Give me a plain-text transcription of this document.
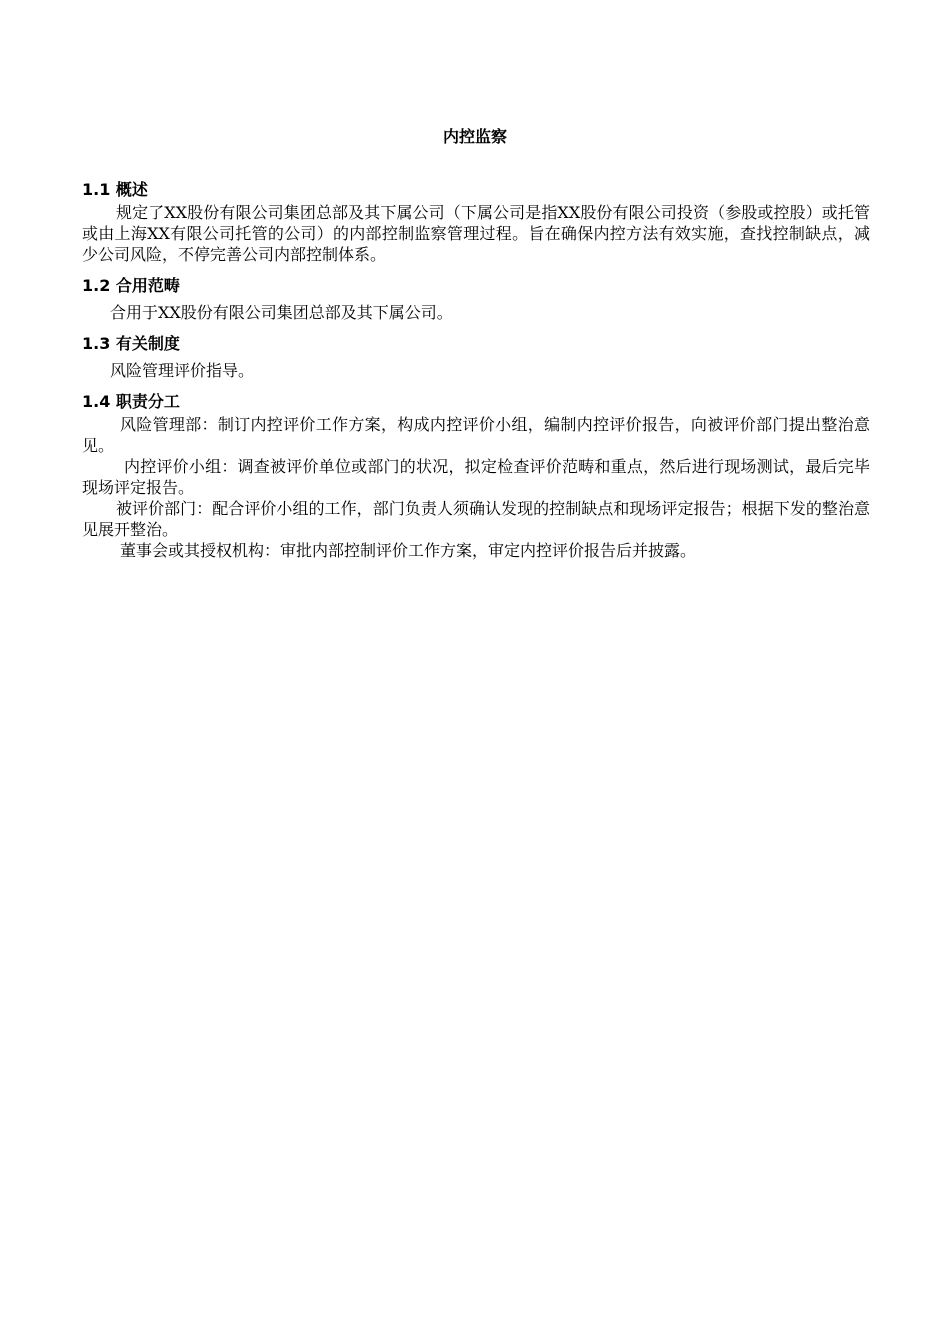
内控监察
1.1 概述

规定了XX股份有限公司集团总部及其下属公司（下属公司是指XX股份有限公司投资（参股或控股）或托管或由上海XX有限公司托管的公司）的内部控制监察管理过程。旨在确保内控方法有效实施，查找控制缺点，减少公司风险，不停完善公司内部控制体系。

1.2 合用范畴

合用于XX股份有限公司集团总部及其下属公司。

1.3 有关制度

风险管理评价指导。

1.4 职责分工

风险管理部：制订内控评价工作方案，构成内控评价小组，编制内控评价报告，向被评价部门提出整治意见。

内控评价小组：调查被评价单位或部门的状况，拟定检查评价范畴和重点，然后进行现场测试，最后完毕现场评定报告。

被评价部门：配合评价小组的工作，部门负责人须确认发现的控制缺点和现场评定报告；根据下发的整治意见展开整治。

董事会或其授权机构：审批内部控制评价工作方案，审定内控评价报告后并披露。
